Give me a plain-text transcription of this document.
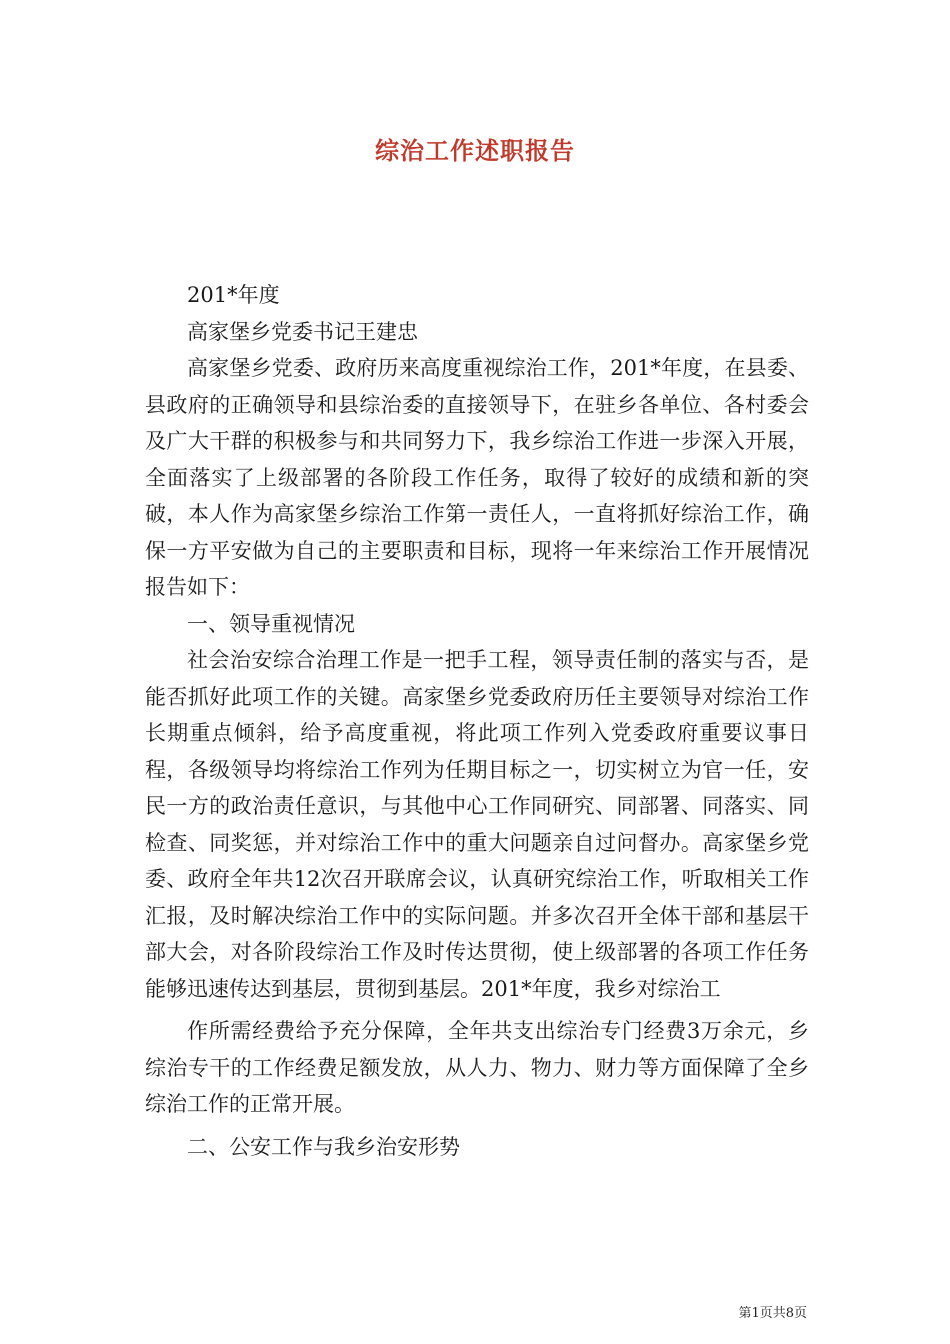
综治工作述职报告

201*年度

高家堡乡党委书记王建忠

高家堡乡党委、政府历来高度重视综治工作，201*年度，在县委、县政府的正确领导和县综治委的直接领导下，在驻乡各单位、各村委会及广大干群的积极参与和共同努力下，我乡综治工作进一步深入开展，全面落实了上级部署的各阶段工作任务，取得了较好的成绩和新的突破，本人作为高家堡乡综治工作第一责任人，一直将抓好综治工作，确保一方平安做为自己的主要职责和目标，现将一年来综治工作开展情况报告如下：

一、领导重视情况

社会治安综合治理工作是一把手工程，领导责任制的落实与否，是能否抓好此项工作的关键。高家堡乡党委政府历任主要领导对综治工作长期重点倾斜，给予高度重视，将此项工作列入党委政府重要议事日程，各级领导均将综治工作列为任期目标之一，切实树立为官一任，安民一方的政治责任意识，与其他中心工作同研究、同部署、同落实、同检查、同奖惩，并对综治工作中的重大问题亲自过问督办。高家堡乡党委、政府全年共12次召开联席会议，认真研究综治工作，听取相关工作汇报，及时解决综治工作中的实际问题。并多次召开全体干部和基层干部大会，对各阶段综治工作及时传达贯彻，使上级部署的各项工作任务能够迅速传达到基层，贯彻到基层。201*年度，我乡对综治工

作所需经费给予充分保障，全年共支出综治专门经费3万余元，乡综治专干的工作经费足额发放，从人力、物力、财力等方面保障了全乡综治工作的正常开展。

二、公安工作与我乡治安形势

第1页共8页
